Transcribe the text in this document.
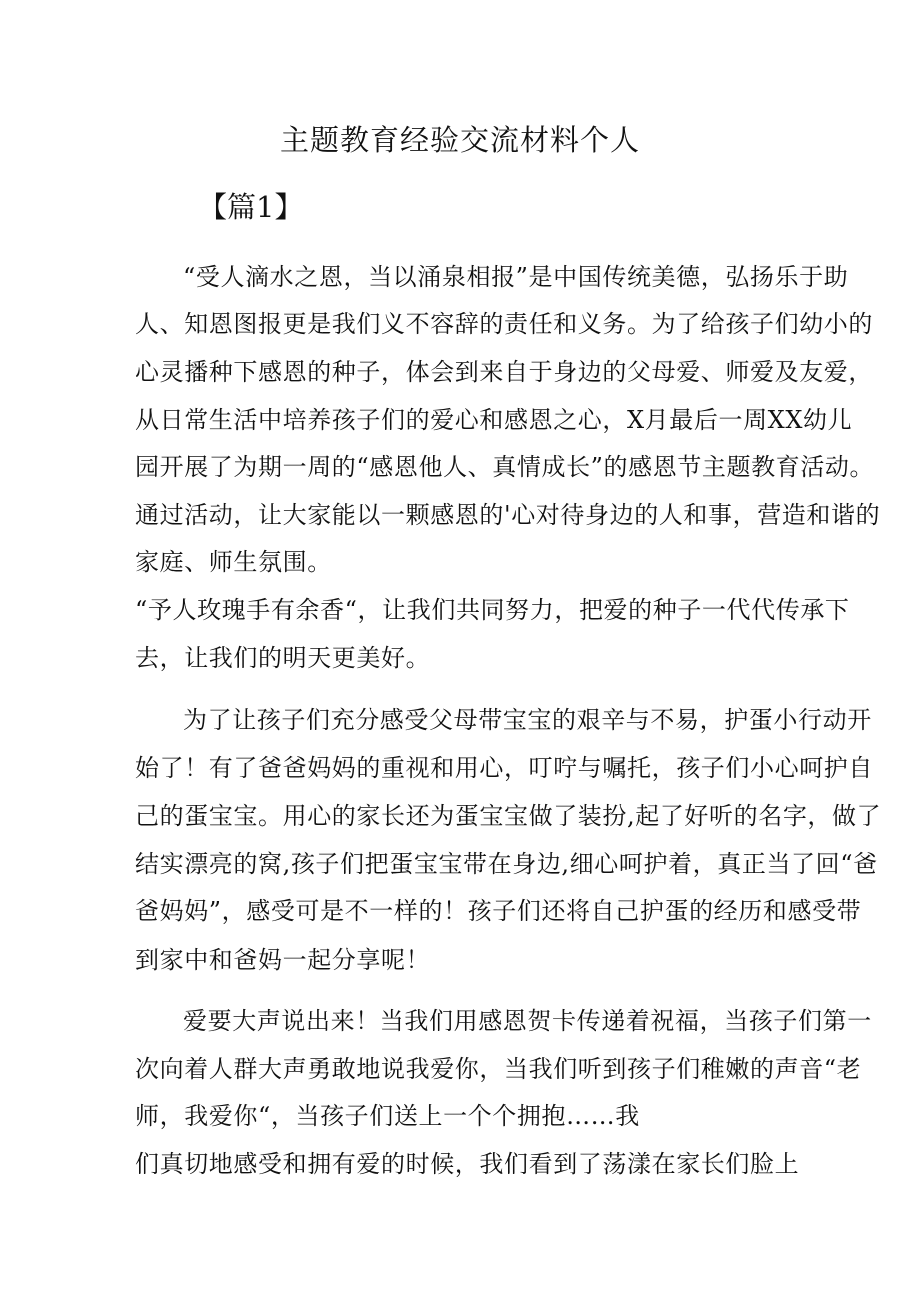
主题教育经验交流材料个人
【篇1】
“受人滴水之恩，当以涌泉相报”是中国传统美德，弘扬乐于助
人、知恩图报更是我们义不容辞的责任和义务。为了给孩子们幼小的
心灵播种下感恩的种子，体会到来自于身边的父母爱、师爱及友爱，
从日常生活中培养孩子们的爱心和感恩之心，X月最后一周XX幼儿
园开展了为期一周的“感恩他人、真情成长”的感恩节主题教育活动。
通过活动，让大家能以一颗感恩的'心对待身边的人和事，营造和谐的
家庭、师生氛围。
“予人玫瑰手有余香“，让我们共同努力，把爱的种子一代代传承下
去，让我们的明天更美好。
为了让孩子们充分感受父母带宝宝的艰辛与不易，护蛋小行动开
始了！有了爸爸妈妈的重视和用心，叮咛与嘱托，孩子们小心呵护自
己的蛋宝宝。用心的家长还为蛋宝宝做了装扮,起了好听的名字，做了
结实漂亮的窝,孩子们把蛋宝宝带在身边,细心呵护着，真正当了回“爸
爸妈妈”，感受可是不一样的！孩子们还将自己护蛋的经历和感受带
到家中和爸妈一起分享呢！
爱要大声说出来！当我们用感恩贺卡传递着祝福，当孩子们第一
次向着人群大声勇敢地说我爱你，当我们听到孩子们稚嫩的声音“老
师，我爱你“，当孩子们送上一个个拥抱……我
们真切地感受和拥有爱的时候，我们看到了荡漾在家长们脸上
